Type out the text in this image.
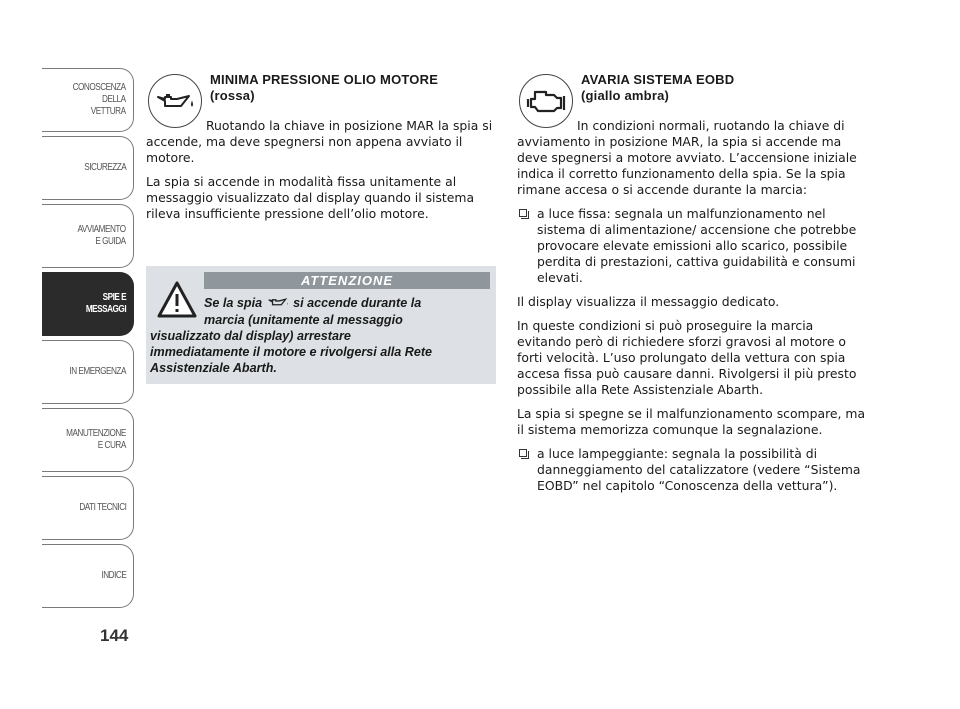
CONOSCENZA
DELLA
VETTURA
SICUREZZA
AVVIAMENTO
E GUIDA
SPIE E
MESSAGGI
IN EMERGENZA
MANUTENZIONE
E CURA
DATI TECNICI
INDICE
144
MINIMA PRESSIONE OLIO MOTORE
(rossa)

Ruotando la chiave in posizione MAR la spia si accende, ma deve spegnersi non appena avviato il motore.

La spia si accende in modalità fissa unitamente al messaggio visualizzato dal display quando il sistema rileva insufficiente pressione dell’olio motore.

ATTENZIONE
Se la spia si accende durante la
marcia (unitamente al messaggio
visualizzato dal display) arrestare
immediatamente il motore e rivolgersi alla Rete
Assistenziale Abarth.
AVARIA SISTEMA EOBD
(giallo ambra)

In condizioni normali, ruotando la chiave di avviamento in posizione MAR, la spia si accende ma deve spegnersi a motore avviato. L’accensione iniziale indica il corretto funzionamento della spia. Se la spia rimane accesa o si accende durante la marcia:

a luce fissa: segnala un malfunzionamento nel sistema di alimentazione/ accensione che potrebbe provocare elevate emissioni allo scarico, possibile perdita di prestazioni, cattiva guidabilità e consumi elevati.

Il display visualizza il messaggio dedicato.

In queste condizioni si può proseguire la marcia evitando però di richiedere sforzi gravosi al motore o forti velocità. L’uso prolungato della vettura con spia accesa fissa può causare danni. Rivolgersi il più presto possibile alla Rete Assistenziale Abarth.

La spia si spegne se il malfunzionamento scompare, ma il sistema memorizza comunque la segnalazione.

a luce lampeggiante: segnala la possibilità di danneggiamento del catalizzatore (vedere “Sistema EOBD” nel capitolo “Conoscenza della vettura”).
